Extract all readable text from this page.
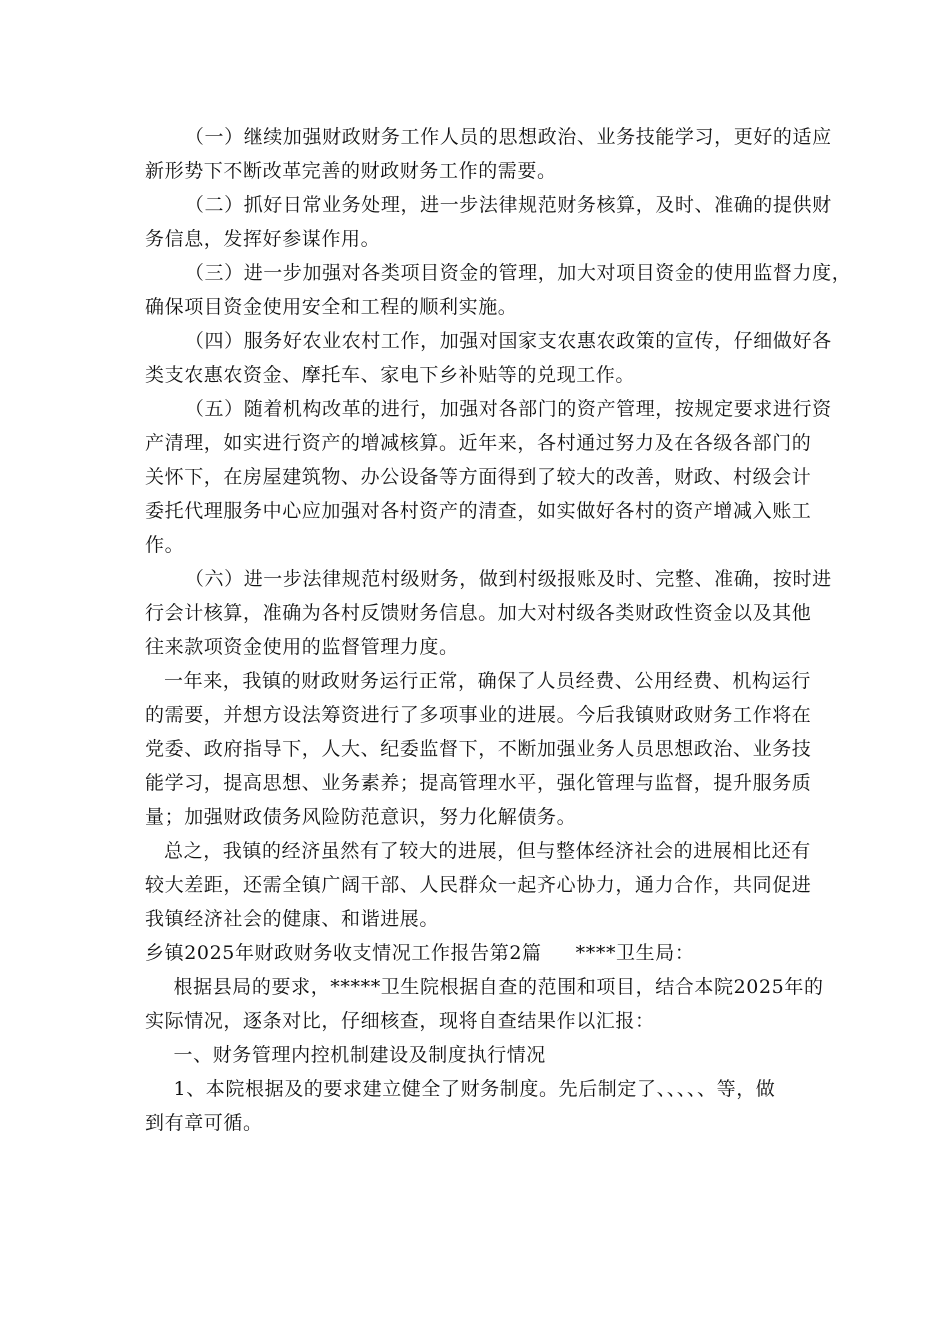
（一）继续加强财政财务工作人员的思想政治、业务技能学习，更好的适应
新形势下不断改革完善的财政财务工作的需要。

（二）抓好日常业务处理，进一步法律规范财务核算，及时、准确的提供财
务信息，发挥好参谋作用。

（三）进一步加强对各类项目资金的管理，加大对项目资金的使用监督力度，
确保项目资金使用安全和工程的顺利实施。

（四）服务好农业农村工作，加强对国家支农惠农政策的宣传，仔细做好各
类支农惠农资金、摩托车、家电下乡补贴等的兑现工作。

（五）随着机构改革的进行，加强对各部门的资产管理，按规定要求进行资
产清理，如实进行资产的增减核算。近年来，各村通过努力及在各级各部门的
关怀下，在房屋建筑物、办公设备等方面得到了较大的改善，财政、村级会计
委托代理服务中心应加强对各村资产的清查，如实做好各村的资产增减入账工
作。

（六）进一步法律规范村级财务，做到村级报账及时、完整、准确，按时进
行会计核算，准确为各村反馈财务信息。加大对村级各类财政性资金以及其他
往来款项资金使用的监督管理力度。

一年来，我镇的财政财务运行正常，确保了人员经费、公用经费、机构运行
的需要，并想方设法筹资进行了多项事业的进展。今后我镇财政财务工作将在
党委、政府指导下，人大、纪委监督下，不断加强业务人员思想政治、业务技
能学习，提高思想、业务素养；提高管理水平，强化管理与监督，提升服务质
量；加强财政债务风险防范意识，努力化解债务。

总之，我镇的经济虽然有了较大的进展，但与整体经济社会的进展相比还有
较大差距，还需全镇广阔干部、人民群众一起齐心协力，通力合作，共同促进
我镇经济社会的健康、和谐进展。

乡镇2025年财政财务收支情况工作报告第2篇 ****卫生局：

根据县局的要求，*****卫生院根据自查的范围和项目，结合本院2025年的
实际情况，逐条对比，仔细核查，现将自查结果作以汇报：

一、财务管理内控机制建设及制度执行情况

1、本院根据及的要求建立健全了财务制度。先后制定了、、、、、等，做
到有章可循。
